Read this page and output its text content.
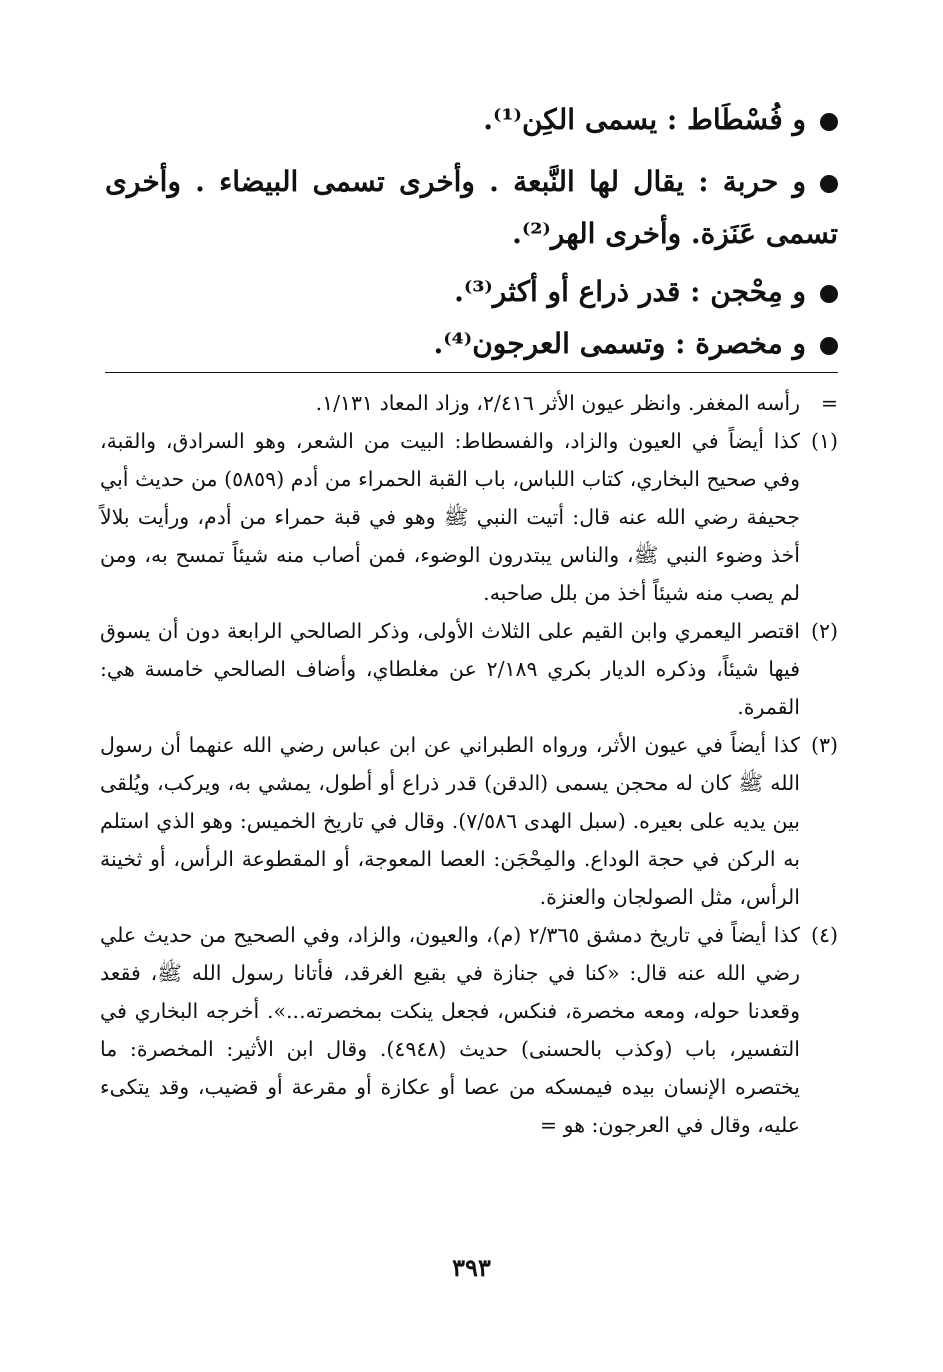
و فُسْطَاط : يسمى الكِن⁽¹⁾.

و حربة : يقال لها النَّبعة . وأخرى تسمى البيضاء . وأخرى تسمى عَنَزة. وأخرى الهر⁽²⁾.

و مِحْجن : قدر ذراع أو أكثر⁽³⁾.

و مخصرة : وتسمى العرجون⁽⁴⁾.

=
رأسه المغفر. وانظر عيون الأثر ٢/٤١٦، وزاد المعاد ١/١٣١.

(١)
كذا أيضاً في العيون والزاد، والفسطاط: البيت من الشعر، وهو السرادق، والقبة، وفي صحيح البخاري، كتاب اللباس، باب القبة الحمراء من أدم (٥٨٥٩) من حديث أبي جحيفة رضي الله عنه قال: أتيت النبي ﷺ وهو في قبة حمراء من أدم، ورأيت بلالاً أخذ وضوء النبي ﷺ، والناس يبتدرون الوضوء، فمن أصاب منه شيئاً تمسح به، ومن لم يصب منه شيئاً أخذ من بلل صاحبه.

(٢)
اقتصر اليعمري وابن القيم على الثلاث الأولى، وذكر الصالحي الرابعة دون أن يسوق فيها شيئاً، وذكره الديار بكري ٢/١٨٩ عن مغلطاي، وأضاف الصالحي خامسة هي: القمرة.

(٣)
كذا أيضاً في عيون الأثر، ورواه الطبراني عن ابن عباس رضي الله عنهما أن رسول الله ﷺ كان له محجن يسمى (الدقن) قدر ذراع أو أطول، يمشي به، ويركب، ويُلقى بين يديه على بعيره. (سبل الهدى ٧/٥٨٦). وقال في تاريخ الخميس: وهو الذي استلم به الركن في حجة الوداع. والمِحْجَن: العصا المعوجة، أو المقطوعة الرأس، أو ثخينة الرأس، مثل الصولجان والعنزة.

(٤)
كذا أيضاً في تاريخ دمشق ٢/٣٦٥ (م)، والعيون، والزاد، وفي الصحيح من حديث علي رضي الله عنه قال: «كنا في جنازة في بقيع الغرقد، فأتانا رسول الله ﷺ، فقعد وقعدنا حوله، ومعه مخصرة، فنكس، فجعل ينكت بمخصرته...». أخرجه البخاري في التفسير، باب (وكذب بالحسنى) حديث (٤٩٤٨). وقال ابن الأثير: المخصرة: ما يختصره الإنسان بيده فيمسكه من عصا أو عكازة أو مقرعة أو قضيب، وقد يتكىء عليه، وقال في العرجون: هو =

٣٩٣
